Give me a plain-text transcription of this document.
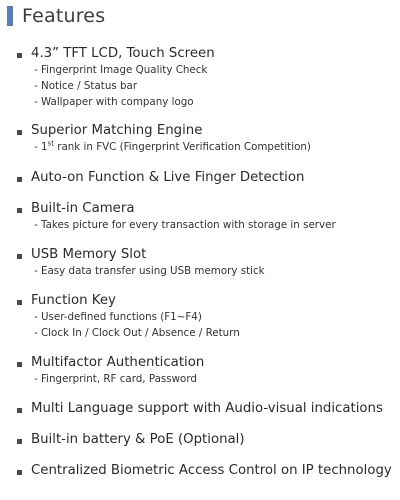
Features
4.3” TFT LCD, Touch Screen
- Fingerprint Image Quality Check
- Notice / Status bar
- Wallpaper with company logo
Superior Matching Engine
- 1st rank in FVC (Fingerprint Verification Competition)
Auto-on Function & Live Finger Detection
Built-in Camera
- Takes picture for every transaction with storage in server
USB Memory Slot
- Easy data transfer using USB memory stick
Function Key
- User-defined functions (F1~F4)
- Clock In / Clock Out / Absence / Return
Multifactor Authentication
- Fingerprint, RF card, Password
Multi Language support with Audio-visual indications
Built-in battery & PoE (Optional)
Centralized Biometric Access Control on IP technology
